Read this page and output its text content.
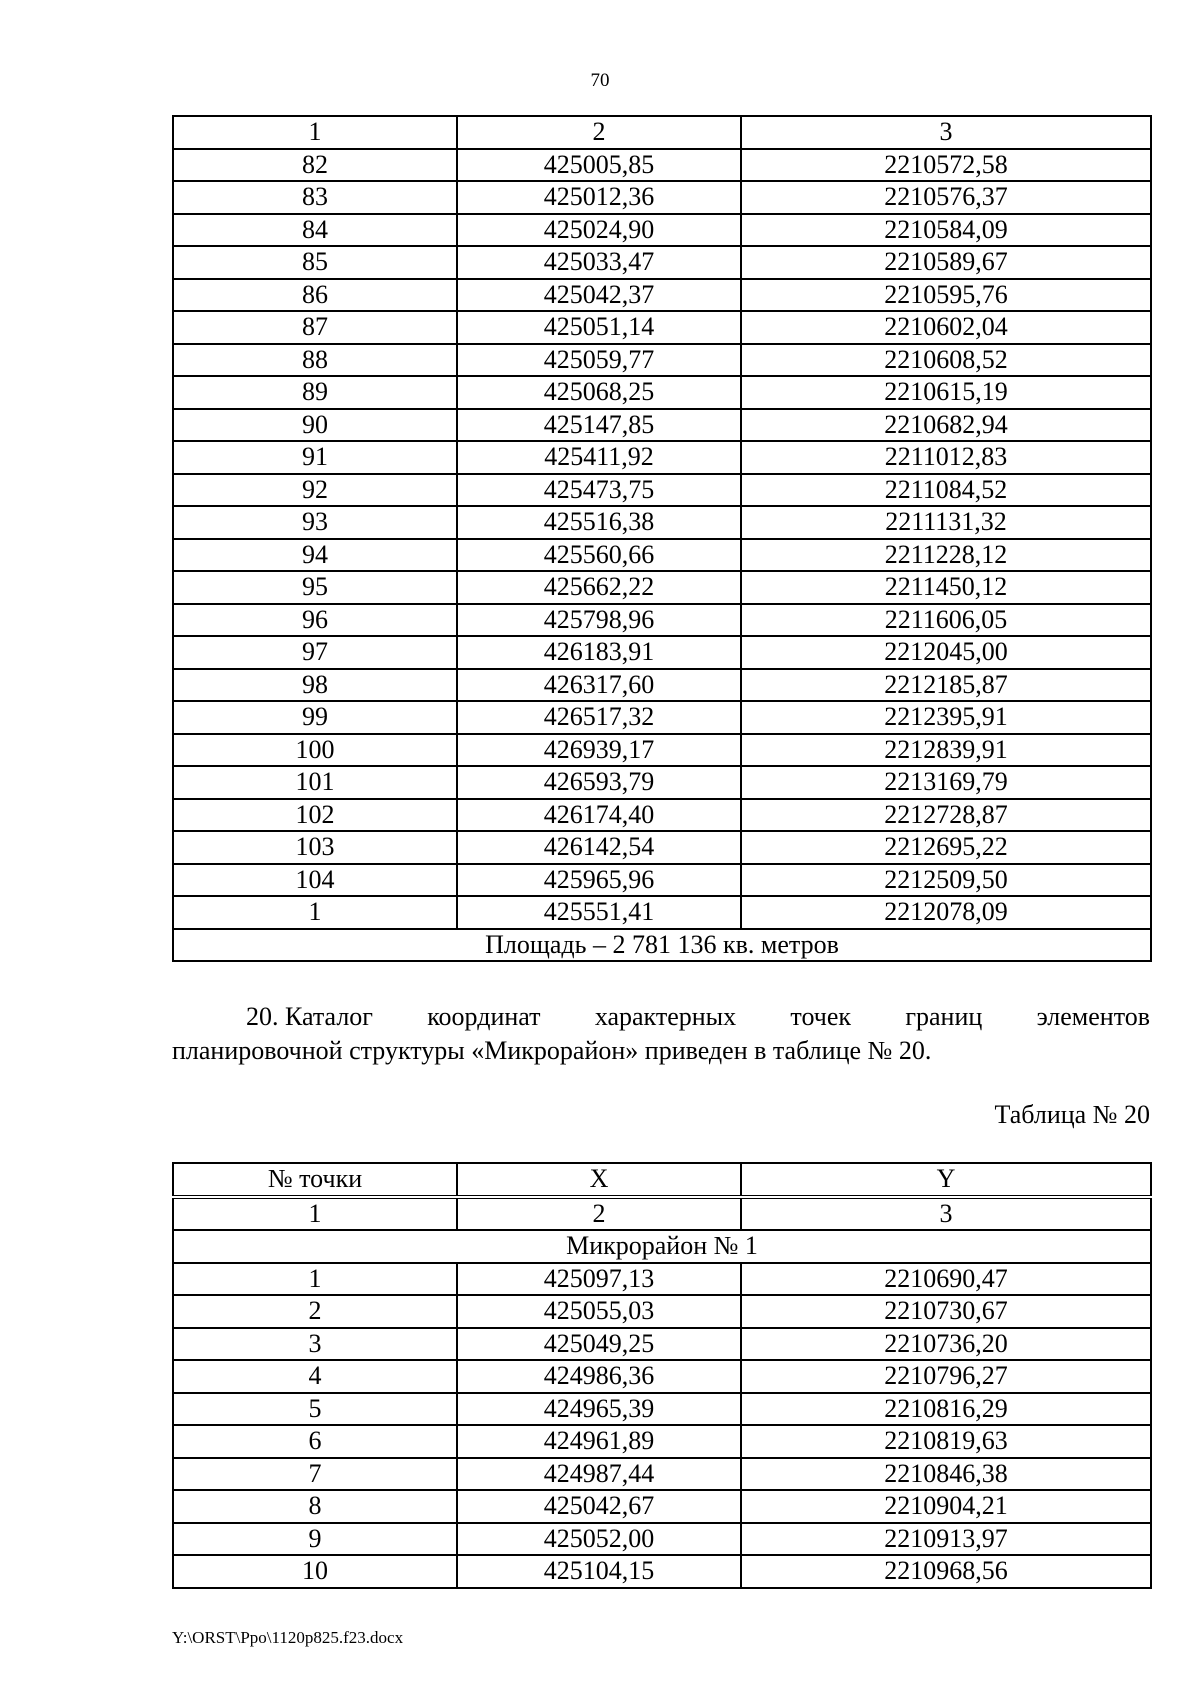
70
1	2	3
82	425005,85	2210572,58
83	425012,36	2210576,37
84	425024,90	2210584,09
85	425033,47	2210589,67
86	425042,37	2210595,76
87	425051,14	2210602,04
88	425059,77	2210608,52
89	425068,25	2210615,19
90	425147,85	2210682,94
91	425411,92	2211012,83
92	425473,75	2211084,52
93	425516,38	2211131,32
94	425560,66	2211228,12
95	425662,22	2211450,12
96	425798,96	2211606,05
97	426183,91	2212045,00
98	426317,60	2212185,87
99	426517,32	2212395,91
100	426939,17	2212839,91
101	426593,79	2213169,79
102	426174,40	2212728,87
103	426142,54	2212695,22
104	425965,96	2212509,50
1	425551,41	2212078,09
Площадь – 2 781 136 кв. метров		
20. Каталог координат характерных точек границ элементов
планировочной структуры «Микрорайон» приведен в таблице № 20.
Таблица № 20
№ точки	X	Y
1	2	3
Микрорайон № 1		
1	425097,13	2210690,47
2	425055,03	2210730,67
3	425049,25	2210736,20
4	424986,36	2210796,27
5	424965,39	2210816,29
6	424961,89	2210819,63
7	424987,44	2210846,38
8	425042,67	2210904,21
9	425052,00	2210913,97
10	425104,15	2210968,56
Y:\ORST\Ppo\1120p825.f23.docx
